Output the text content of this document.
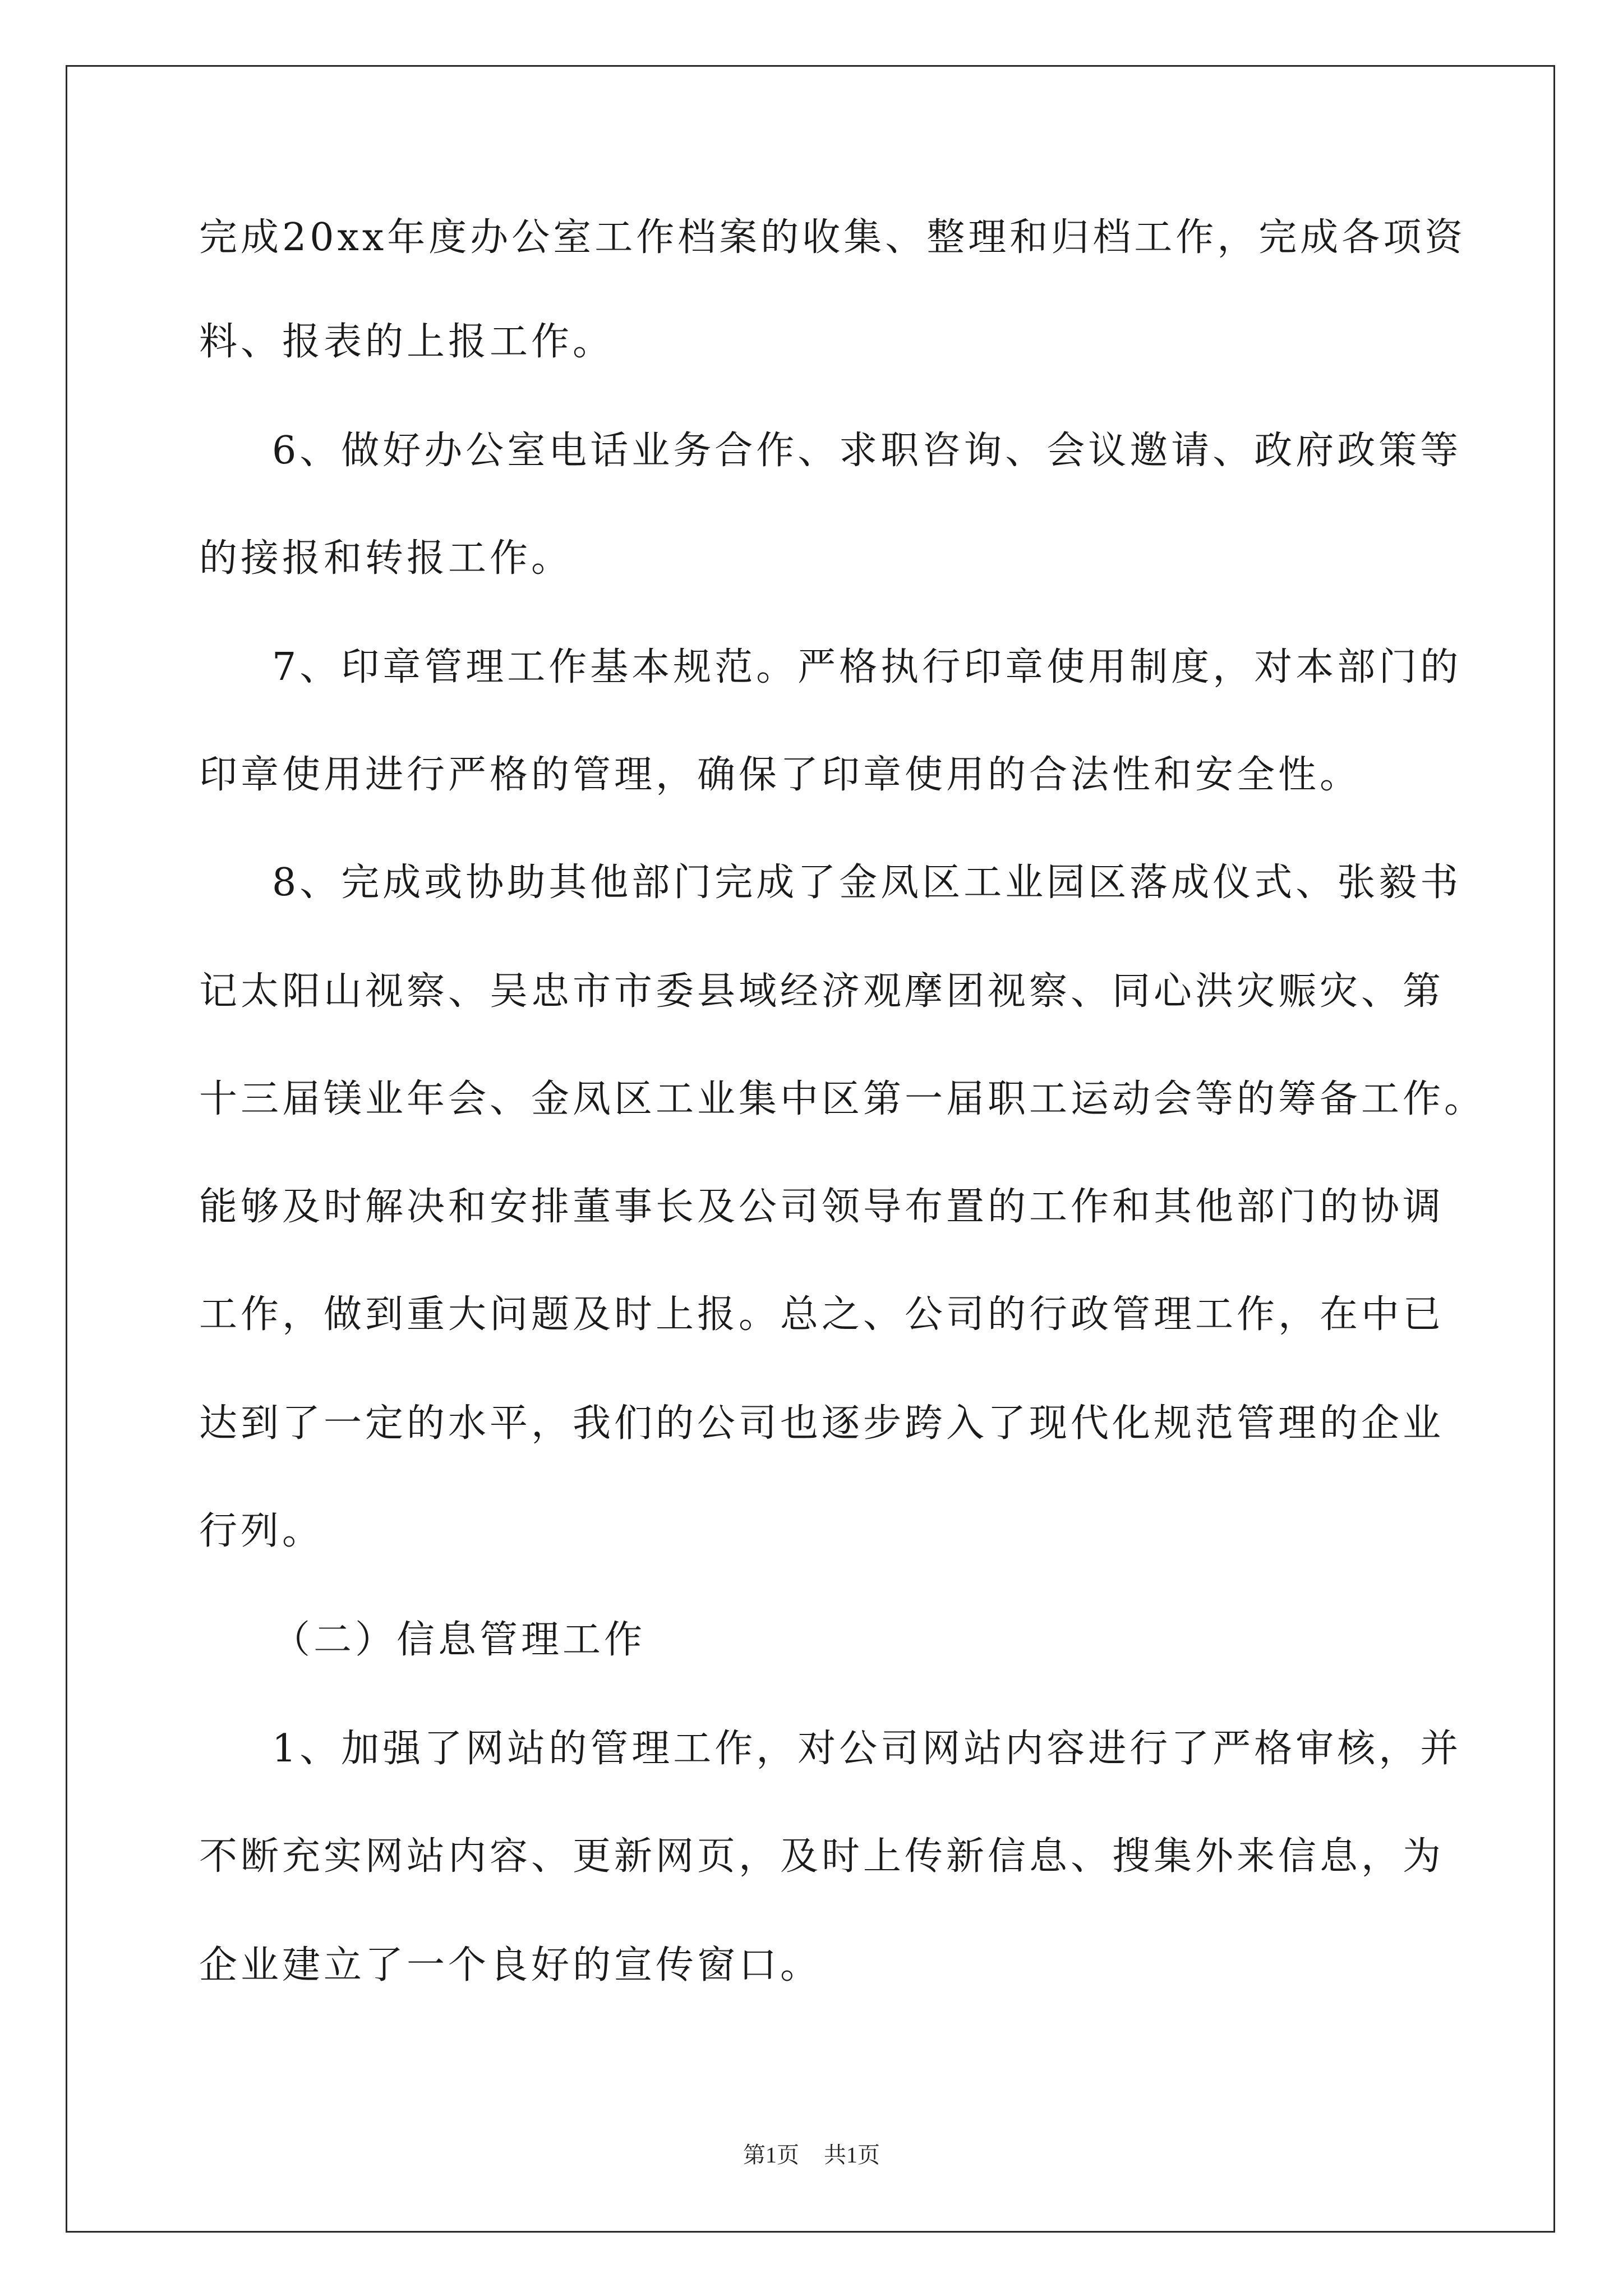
完成20xx年度办公室工作档案的收集、整理和归档工作，完成各项资
料、报表的上报工作。
6、做好办公室电话业务合作、求职咨询、会议邀请、政府政策等
的接报和转报工作。
7、印章管理工作基本规范。严格执行印章使用制度，对本部门的
印章使用进行严格的管理，确保了印章使用的合法性和安全性。
8、完成或协助其他部门完成了金凤区工业园区落成仪式、张毅书
记太阳山视察、吴忠市市委县域经济观摩团视察、同心洪灾赈灾、第
十三届镁业年会、金凤区工业集中区第一届职工运动会等的筹备工作。
能够及时解决和安排董事长及公司领导布置的工作和其他部门的协调
工作，做到重大问题及时上报。总之、公司的行政管理工作，在中已
达到了一定的水平，我们的公司也逐步跨入了现代化规范管理的企业
行列。
（二）信息管理工作
1、加强了网站的管理工作，对公司网站内容进行了严格审核，并
不断充实网站内容、更新网页，及时上传新信息、搜集外来信息，为
企业建立了一个良好的宣传窗口。
第1页 共1页
